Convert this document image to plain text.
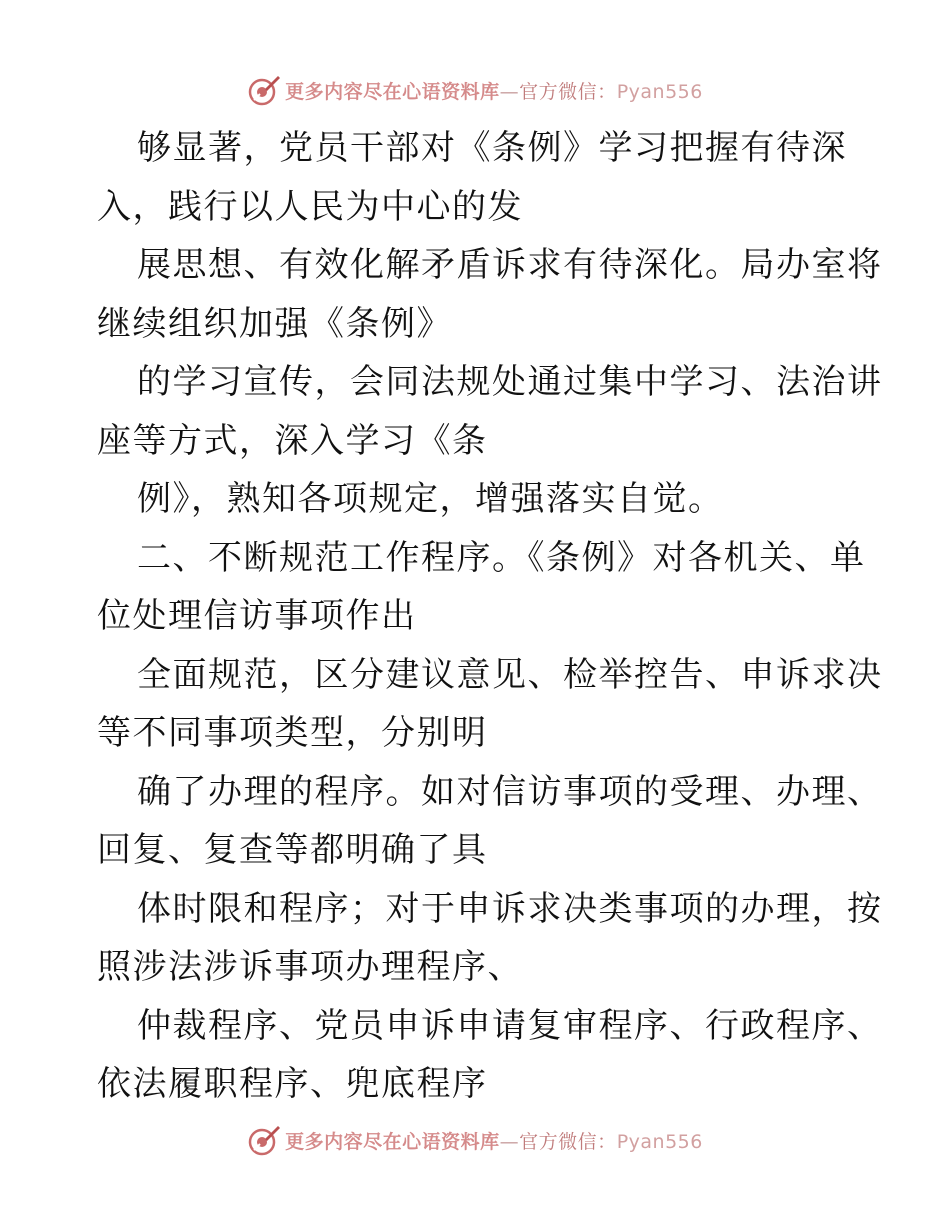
更多内容尽在心语资料库—官方微信：Pyan556
够显著，党员干部对《条例》学习把握有待深
入，践行以人民为中心的发
展思想、有效化解矛盾诉求有待深化。局办室将
继续组织加强《条例》
的学习宣传，会同法规处通过集中学习、法治讲
座等方式，深入学习《条
例》，熟知各项规定，增强落实自觉。
二、不断规范工作程序。《条例》对各机关、单
位处理信访事项作出
全面规范，区分建议意见、检举控告、申诉求决
等不同事项类型，分别明
确了办理的程序。如对信访事项的受理、办理、
回复、复查等都明确了具
体时限和程序；对于申诉求决类事项的办理，按
照涉法涉诉事项办理程序、
仲裁程序、党员申诉申请复审程序、行政程序、
依法履职程序、兜底程序
更多内容尽在心语资料库—官方微信：Pyan556
